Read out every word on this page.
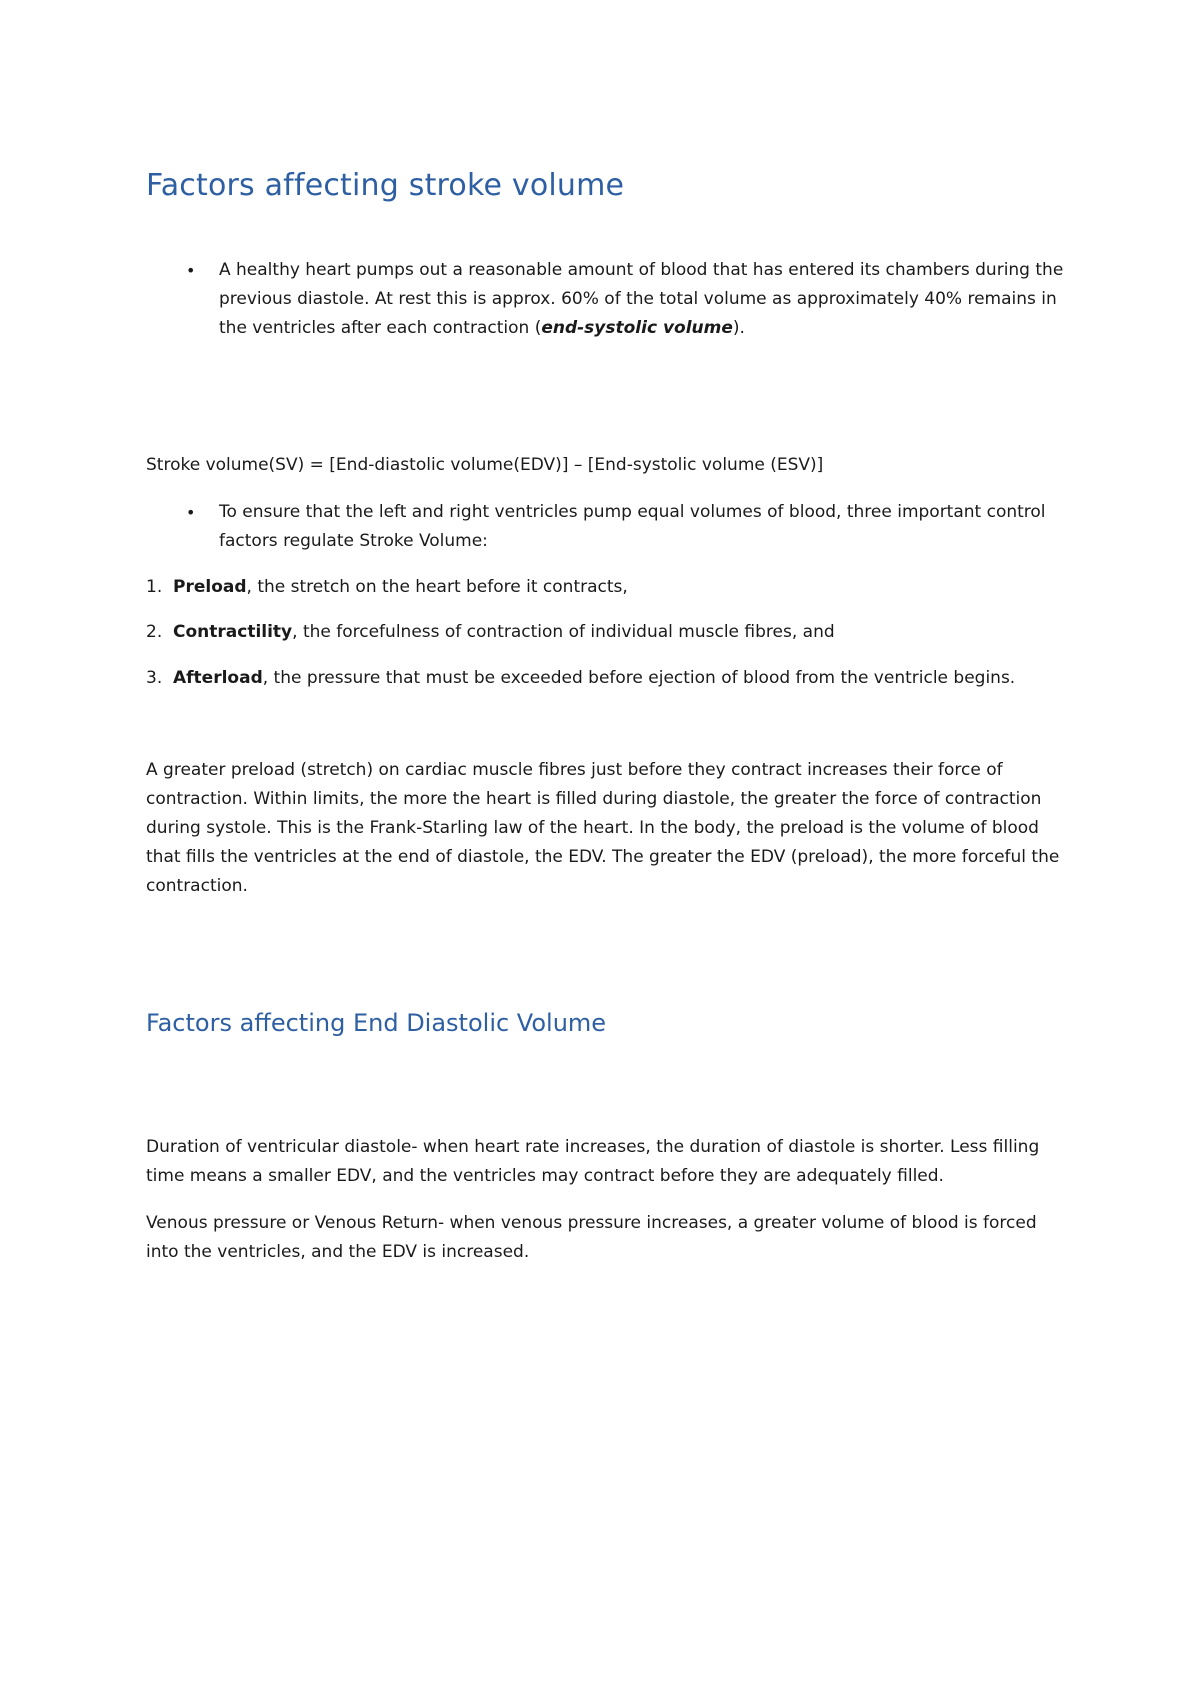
Factors affecting stroke volume
• A healthy heart pumps out a reasonable amount of blood that has entered its chambers during the previous diastole. At rest this is approx. 60% of the total volume as approximately 40% remains in the ventricles after each contraction (end-systolic volume).

Stroke volume(SV) = [End-diastolic volume(EDV)] – [End-systolic volume (ESV)]

• To ensure that the left and right ventricles pump equal volumes of blood, three important control factors regulate Stroke Volume:
1. Preload, the stretch on the heart before it contracts,
2. Contractility, the forcefulness of contraction of individual muscle fibres, and
3. Afterload, the pressure that must be exceeded before ejection of blood from the ventricle begins.

A greater preload (stretch) on cardiac muscle fibres just before they contract increases their force of contraction. Within limits, the more the heart is filled during diastole, the greater the force of contraction during systole. This is the Frank-Starling law of the heart. In the body, the preload is the volume of blood that fills the ventricles at the end of diastole, the EDV. The greater the EDV (preload), the more forceful the contraction.

Factors affecting End Diastolic Volume

Duration of ventricular diastole- when heart rate increases, the duration of diastole is shorter. Less filling time means a smaller EDV, and the ventricles may contract before they are adequately filled.

Venous pressure or Venous Return- when venous pressure increases, a greater volume of blood is forced into the ventricles, and the EDV is increased.
